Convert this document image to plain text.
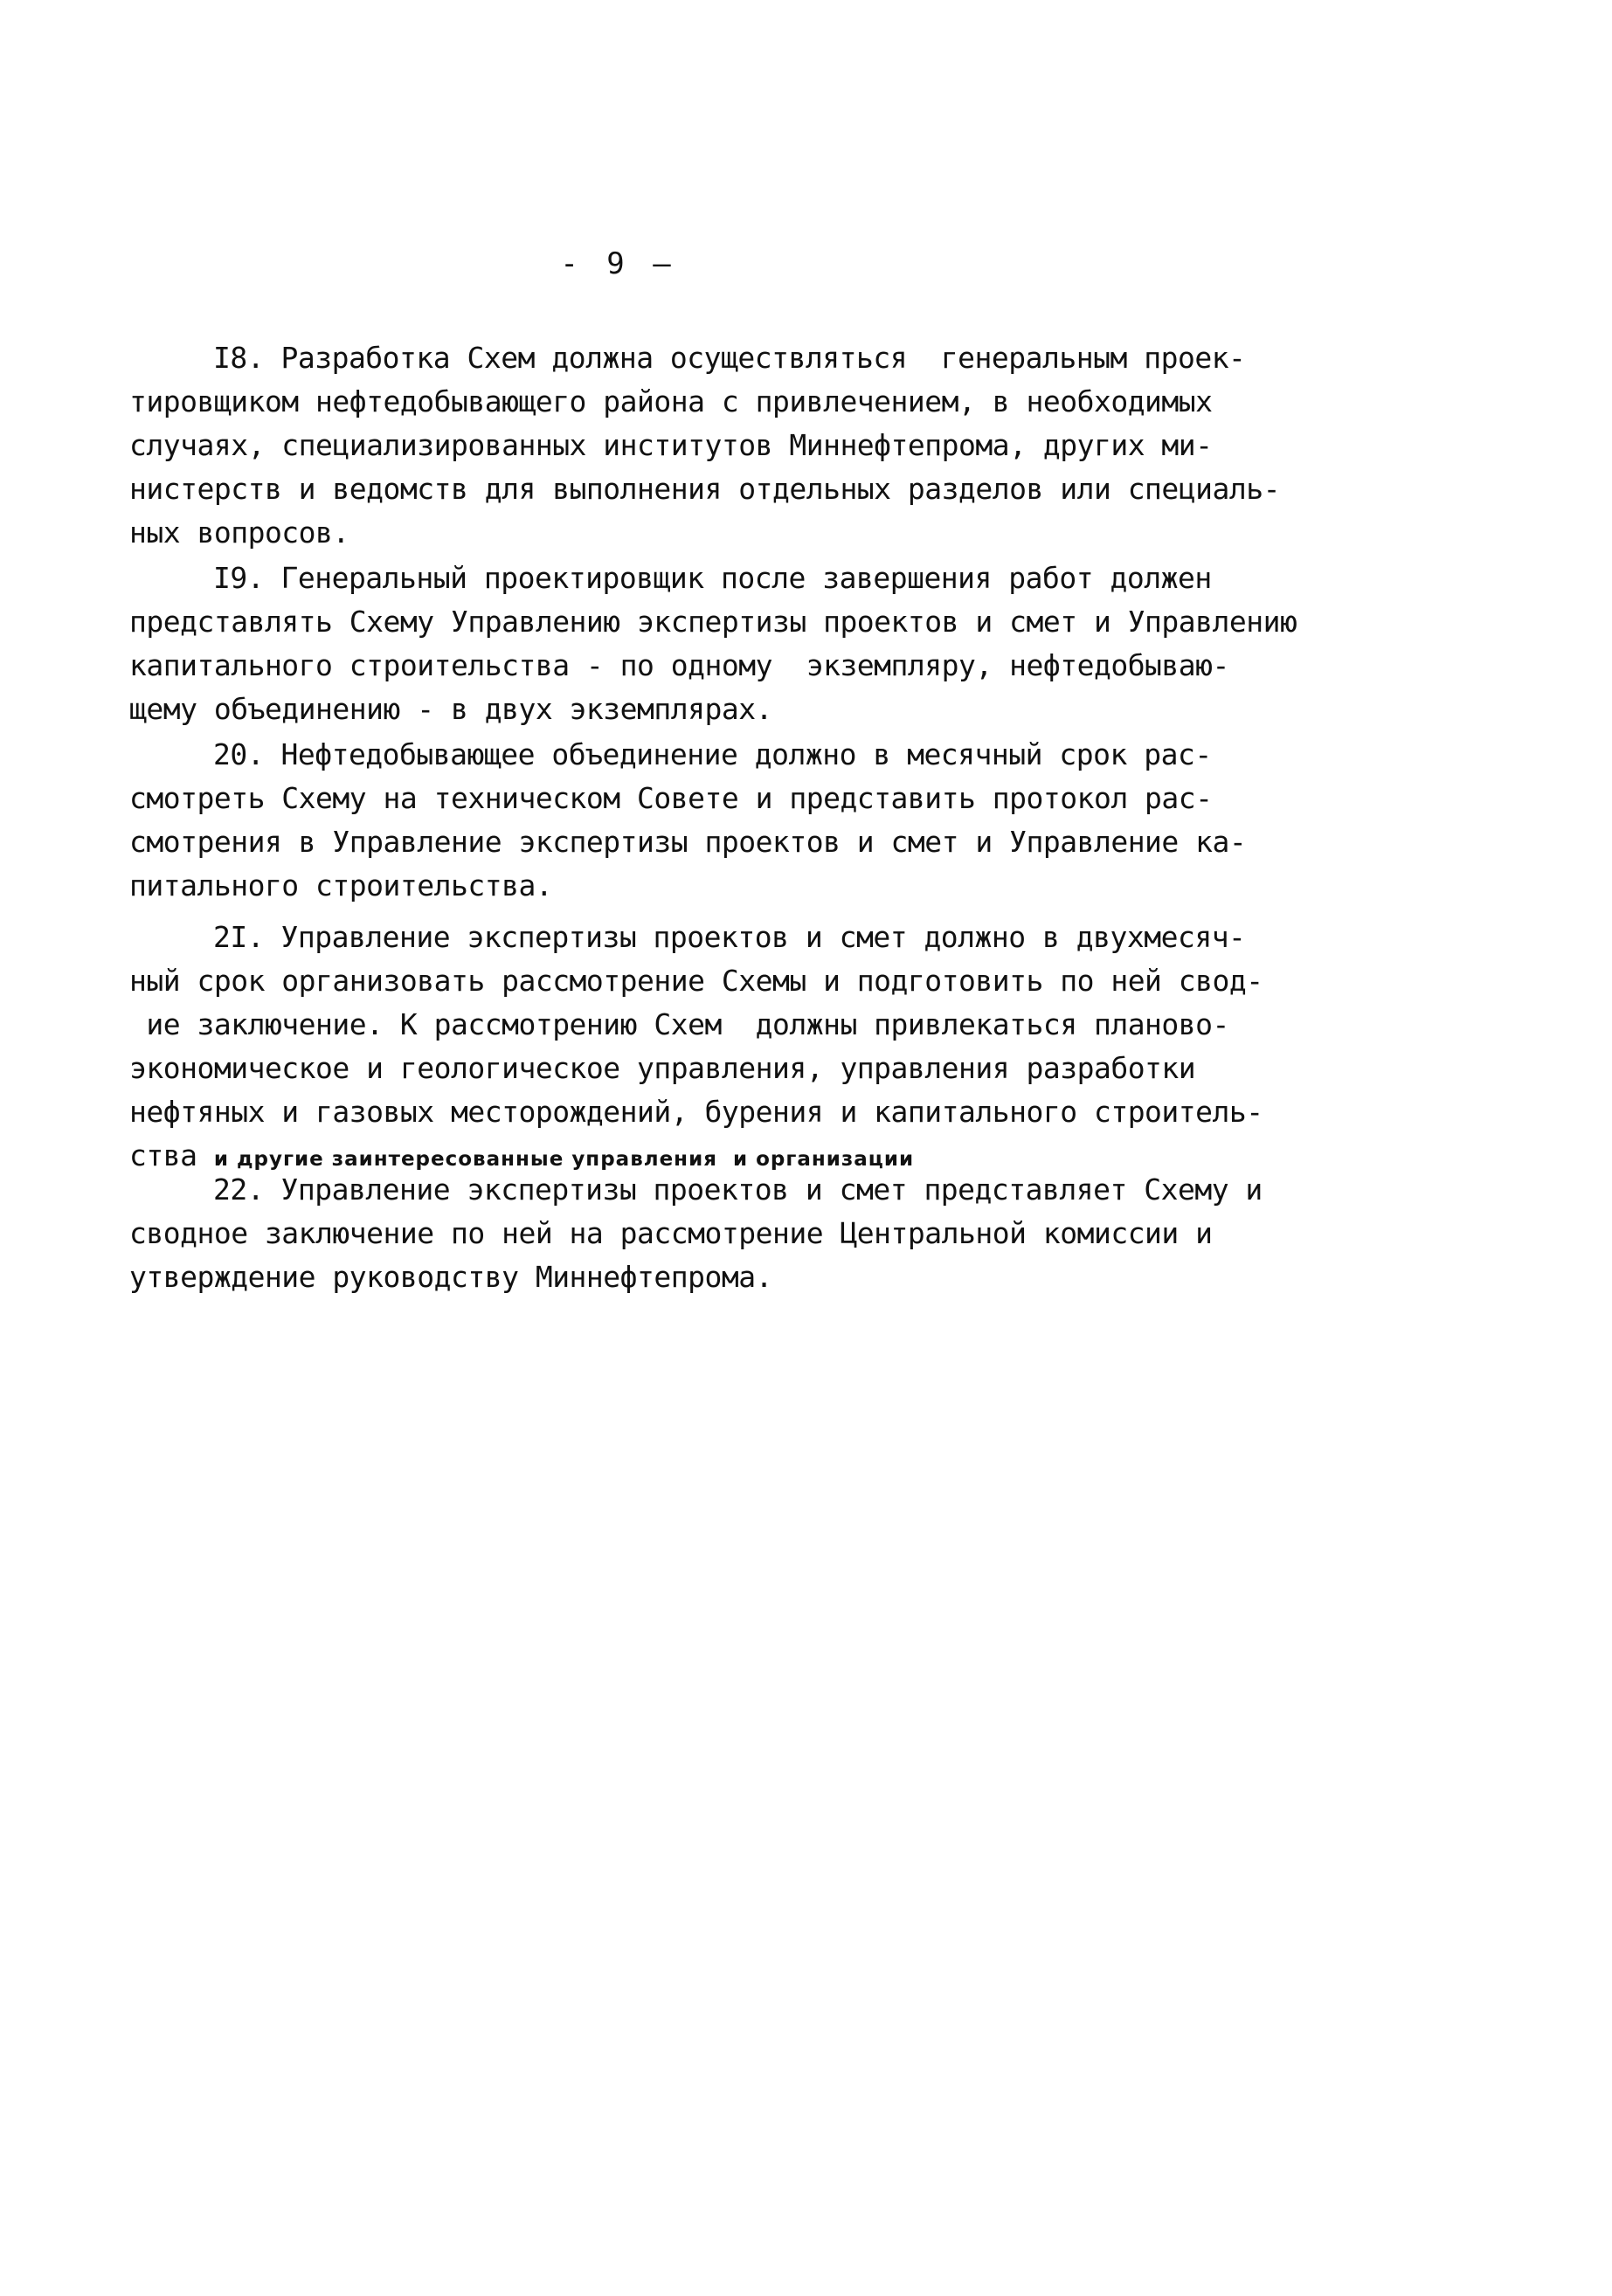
- 9 —
I8. Разработка Схем должна осуществляться  генеральным проек-
тировщиком нефтедобывающего района с привлечением, в необходимых
случаях, специализированных институтов Миннефтепрома, других ми-
нистерств и ведомств для выполнения отдельных разделов или специаль-
ных вопросов.
I9. Генеральный проектировщик после завершения работ должен
представлять Схему Управлению экспертизы проектов и смет и Управлению
капитального строительства - по одному  экземпляру, нефтедобываю-
щему объединению - в двух экземплярах.
20. Нефтедобывающее объединение должно в месячный срок рас-
смотреть Схему на техническом Совете и представить протокол рас-
смотрения в Управление экспертизы проектов и смет и Управление ка-
питального строительства.
2I. Управление экспертизы проектов и смет должно в двухмесяч-
ный срок организовать рассмотрение Схемы и подготовить по ней свод-
ие заключение. К рассмотрению Схем  должны привлекаться планово-
экономическое и геологическое управления, управления разработки
нефтяных и газовых месторождений, бурения и капитального строитель-
ства и другие заинтересованные управления  и организации
22. Управление экспертизы проектов и смет представляет Схему и
сводное заключение по ней на рассмотрение Центральной комиссии и
утверждение руководству Миннефтепрома.
